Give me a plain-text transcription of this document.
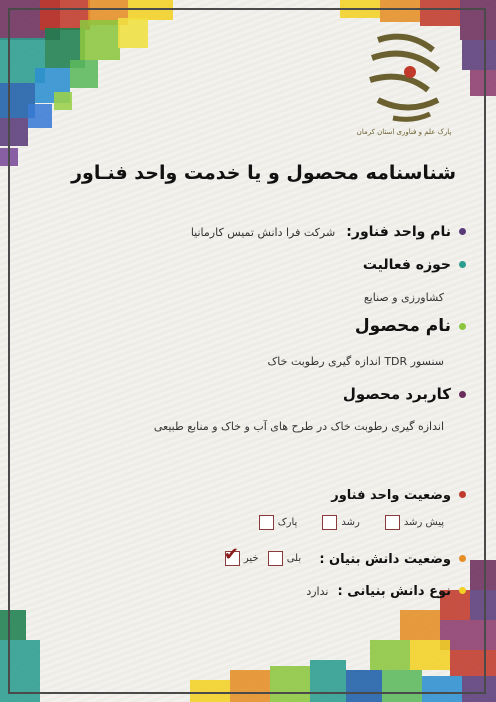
پارک علم و فناوری استان کرمان
شناسنامه محصول و یا خدمت واحد فنـاور
نام واحد فناور: شرکت فرا دانش تمیس کارمانیا
حوزه فعالیت
کشاورزی و صنایع
نام محصول
سنسور TDR اندازه گیری رطوبت خاک
کاربرد محصول
اندازه گیری رطوبت خاک در طرح های آب و خاک و منابع طبیعی
وضعیت واحد فناور
پیش رشد  رشد  پارک
وضعیت دانش بنیان :  بلی خیر
✔
نوع دانش بنیانی : ندارد
